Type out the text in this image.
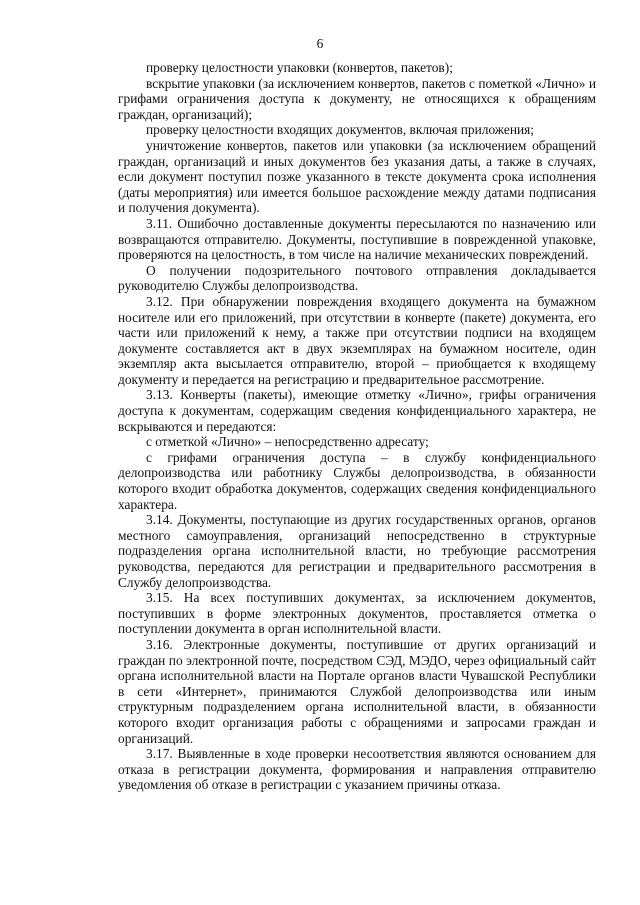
6

проверку целостности упаковки (конвертов, пакетов);

вскрытие упаковки (за исключением конвертов, пакетов с пометкой «Лично» и грифами ограничения доступа к документу, не относящихся к обращениям граждан, организаций);

проверку целостности входящих документов, включая приложения;

уничтожение конвертов, пакетов или упаковки (за исключением обращений граждан, организаций и иных документов без указания даты, а также в случаях, если документ поступил позже указанного в тексте документа срока исполнения (даты мероприятия) или имеется большое расхождение между датами подписания и получения документа).

3.11. Ошибочно доставленные документы пересылаются по назначению или возвращаются отправителю. Документы, поступившие в поврежденной упаковке, проверяются на целостность, в том числе на наличие механических повреждений.

О получении подозрительного почтового отправления докладывается руководителю Службы делопроизводства.

3.12. При обнаружении повреждения входящего документа на бумажном носителе или его приложений, при отсутствии в конверте (пакете) документа, его части или приложений к нему, а также при отсутствии подписи на входящем документе составляется акт в двух экземплярах на бумажном носителе, один экземпляр акта высылается отправителю, второй – приобщается к входящему документу и передается на регистрацию и предварительное рассмотрение.

3.13. Конверты (пакеты), имеющие отметку «Лично», грифы ограничения доступа к документам, содержащим сведения конфиденциального характера, не вскрываются и передаются:

с отметкой «Лично» – непосредственно адресату;

с грифами ограничения доступа – в службу конфиденциального делопроизводства или работнику Службы делопроизводства, в обязанности которого входит обработка документов, содержащих сведения конфиденциального характера.

3.14. Документы, поступающие из других государственных органов, органов местного самоуправления, организаций непосредственно в структурные подразделения органа исполнительной власти, но требующие рассмотрения руководства, передаются для регистрации и предварительного рассмотрения в Службу делопроизводства.

3.15. На всех поступивших документах, за исключением документов, поступивших в форме электронных документов, проставляется отметка о поступлении документа в орган исполнительной власти.

3.16. Электронные документы, поступившие от других организаций и граждан по электронной почте, посредством СЭД, МЭДО, через официальный сайт органа исполнительной власти на Портале органов власти Чувашской Республики в сети «Интернет», принимаются Службой делопроизводства или иным структурным подразделением органа исполнительной власти, в обязанности которого входит организация работы с обращениями и запросами граждан и организаций.

3.17. Выявленные в ходе проверки несоответствия являются основанием для отказа в регистрации документа, формирования и направления отправителю уведомления об отказе в регистрации с указанием причины отказа.
